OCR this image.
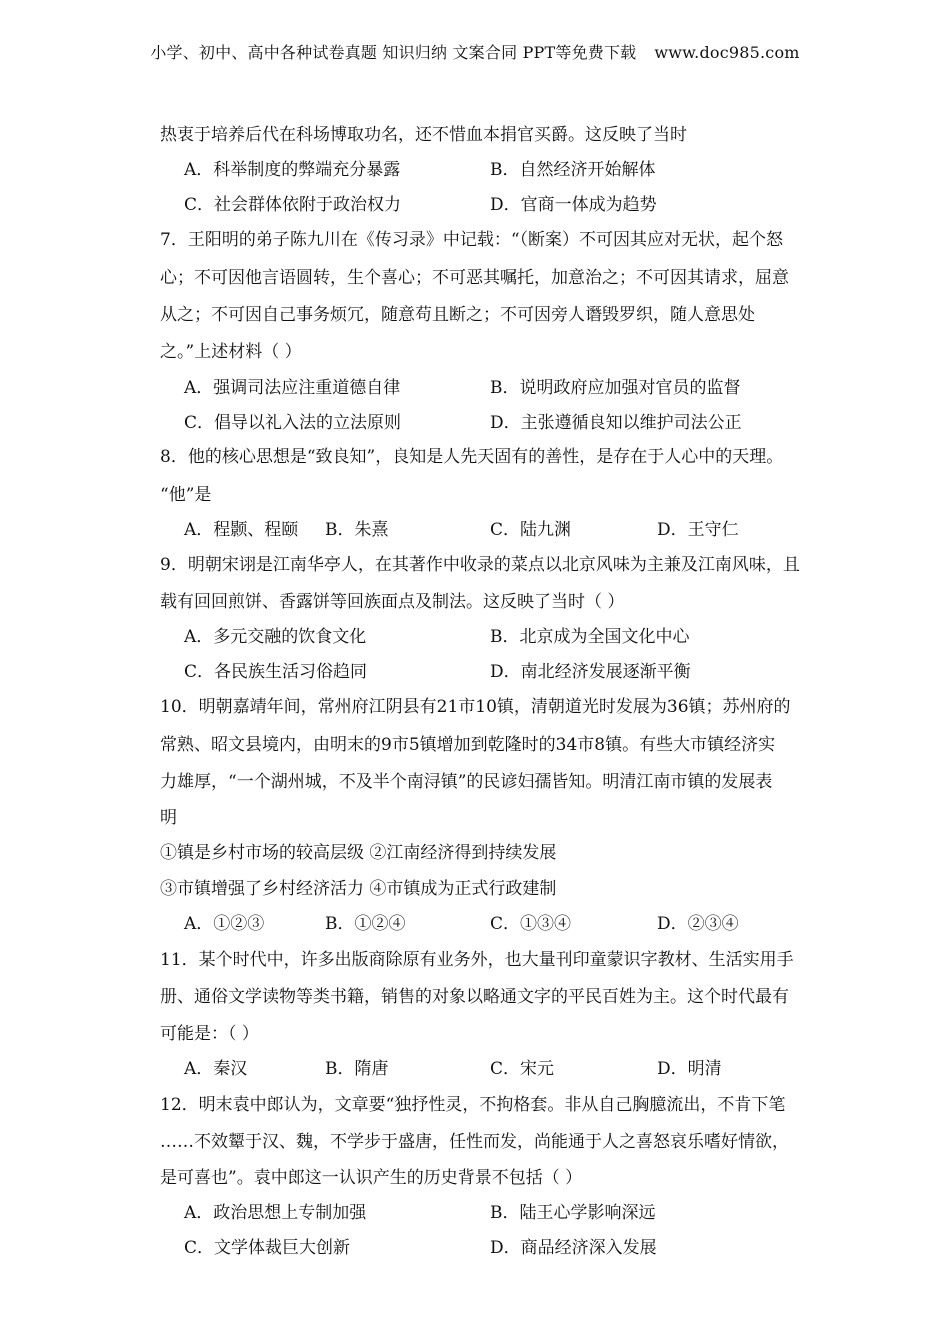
小学、初中、高中各种试卷真题 知识归纳 文案合同 PPT等免费下载 www.doc985.com
热衷于培养后代在科场博取功名，还不惜血本捐官买爵。这反映了当时
A．科举制度的弊端充分暴露	B．自然经济开始解体
C．社会群体依附于政治权力	D．官商一体成为趋势
7．王阳明的弟子陈九川在《传习录》中记载：“（断案）不可因其应对无状，起个怒
心；不可因他言语圆转，生个喜心；不可恶其嘱托，加意治之；不可因其请求，屈意
从之；不可因自己事务烦冗，随意苟且断之；不可因旁人谮毁罗织，随人意思处
之。”上述材料（ ）
A．强调司法应注重道德自律	B．说明政府应加强对官员的监督
C．倡导以礼入法的立法原则	D．主张遵循良知以维护司法公正
8．他的核心思想是“致良知”，良知是人先天固有的善性，是存在于人心中的天理。
“他”是
A．程颢、程颐 B．朱熹	C．陆九渊	D．王守仁
9．明朝宋诩是江南华亭人，在其著作中收录的菜点以北京风味为主兼及江南风味，且
载有回回煎饼、香露饼等回族面点及制法。这反映了当时（ ）
A．多元交融的饮食文化	B．北京成为全国文化中心
C．各民族生活习俗趋同	D．南北经济发展逐渐平衡
10．明朝嘉靖年间，常州府江阴县有21市10镇，清朝道光时发展为36镇；苏州府的
常熟、昭文县境内，由明末的9市5镇增加到乾隆时的34市8镇。有些大市镇经济实
力雄厚，“一个湖州城，不及半个南浔镇”的民谚妇孺皆知。明清江南市镇的发展表
明
①镇是乡村市场的较高层级 ②江南经济得到持续发展
③市镇增强了乡村经济活力 ④市镇成为正式行政建制
A．①②③	B．①②④	C．①③④	D．②③④
11．某个时代中，许多出版商除原有业务外，也大量刊印童蒙识字教材、生活实用手
册、通俗文学读物等类书籍，销售的对象以略通文字的平民百姓为主。这个时代最有
可能是：（ ）
A．秦汉	B．隋唐	C．宋元	D．明清
12．明末袁中郎认为，文章要“独抒性灵，不拘格套。非从自己胸臆流出，不肯下笔
……不效颦于汉、魏，不学步于盛唐，任性而发，尚能通于人之喜怒哀乐嗜好情欲，
是可喜也”。袁中郎这一认识产生的历史背景不包括（ ）
A．政治思想上专制加强	B．陆王心学影响深远
C．文学体裁巨大创新	D．商品经济深入发展
